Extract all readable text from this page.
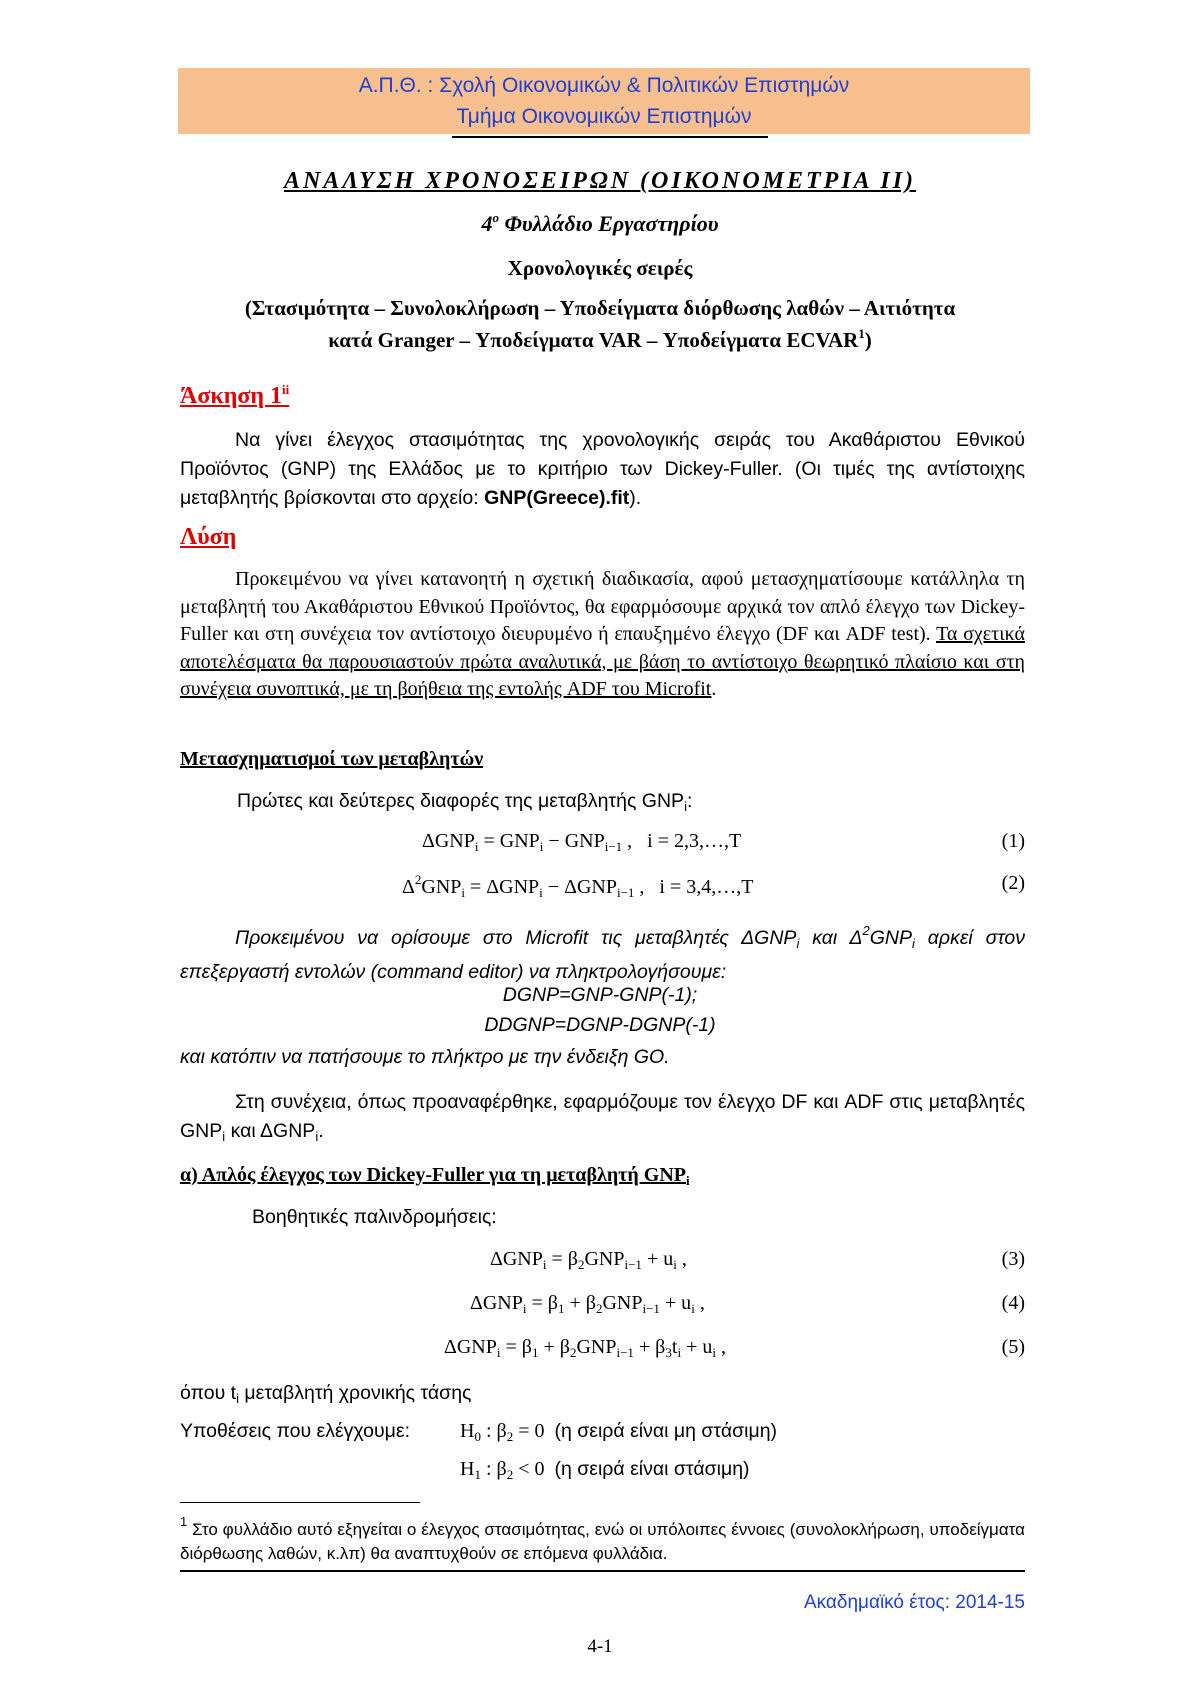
Α.Π.Θ. : Σχολή Οικονομικών & Πολιτικών Επιστημών
Τμήμα Οικονομικών Επιστημών
ΑΝΑΛΥΣΗ ΧΡΟΝΟΣΕΙΡΩΝ (ΟΙΚΟΝΟΜΕΤΡΙΑ ΙΙ)
$4^o$ Φυλλάδιο Εργαστηρίου
Χρονολογικές σειρές
(Στασιμότητα – Συνολοκλήρωση – Υποδείγματα διόρθωσης λαθών – Αιτιότητα
κατά Granger – Υποδείγματα VAR – Υποδείγματα ECVAR$^1$)
Άσκηση 1$^{ii}$
Να γίνει έλεγχος στασιμότητας της χρονολογικής σειράς του Ακαθάριστου Εθνικού Προϊόντος (GNP) της Ελλάδος με το κριτήριο των Dickey-Fuller. (Οι τιμές της αντίστοιχης μεταβλητής βρίσκονται στο αρχείο: GNP(Greece).fit).
Λύση
Προκειμένου να γίνει κατανοητή η σχετική διαδικασία, αφού μετασχηματίσουμε κατάλληλα τη μεταβλητή του Ακαθάριστου Εθνικού Προϊόντος, θα εφαρμόσουμε αρχικά τον απλό έλεγχο των Dickey-Fuller και στη συνέχεια τον αντίστοιχο διευρυμένο ή επαυξημένο έλεγχο (DF και ADF test). Τα σχετικά αποτελέσματα θα παρουσιαστούν πρώτα αναλυτικά, με βάση το αντίστοιχο θεωρητικό πλαίσιο και στη συνέχεια συνοπτικά, με τη βοήθεια της εντολής ADF του Microfit.
Μετασχηματισμοί των μεταβλητών
Πρώτες και δεύτερες διαφορές της μεταβλητής $GNP_i$:
$\Delta GNP_i = GNP_i - GNP_{i-1}$ ,   i = 2,3,…,T	(1)
$\Delta^2GNP_i = \Delta GNP_i - \Delta GNP_{i-1}$ ,   i = 3,4,…,T	(2)
Προκειμένου να ορίσουμε στο Microfit τις μεταβλητές $\Delta GNP_i$ και $\Delta^2GNP_i$ αρκεί στον επεξεργαστή εντολών (command editor) να πληκτρολογήσουμε:
DGNP=GNP-GNP(-1);
DDGNP=DGNP-DGNP(-1)
και κατόπιν να πατήσουμε το πλήκτρο με την ένδειξη GO.
Στη συνέχεια, όπως προαναφέρθηκε, εφαρμόζουμε τον έλεγχο DF και ADF στις μεταβλητές $GNP_i$ και $\Delta GNP_i$.
α) Απλός έλεγχος των Dickey-Fuller για τη μεταβλητή $GNP_i$
Βοηθητικές παλινδρομήσεις:
$\Delta GNP_i = \beta_2GNP_{i-1} + u_i$ ,	(3)
$\Delta GNP_i = \beta_1 + \beta_2GNP_{i-1} + u_i$ ,	(4)
$\Delta GNP_i = \beta_1 + \beta_2GNP_{i-1} + \beta_3t_i + u_i$ ,	(5)
όπου $t_i$ μεταβλητή χρονικής τάσης
Υποθέσεις που ελέγχουμε: $H_0$ : $\beta_2 = 0$  (η σειρά είναι μη στάσιμη)
$H_1$ : $\beta_2 < 0$  (η σειρά είναι στάσιμη)
$^1$ Στο φυλλάδιο αυτό εξηγείται ο έλεγχος στασιμότητας, ενώ οι υπόλοιπες έννοιες (συνολοκλήρωση, υποδείγματα διόρθωσης λαθών, κ.λπ) θα αναπτυχθούν σε επόμενα φυλλάδια.
Ακαδημαϊκό έτος: 2014-15
4-1
